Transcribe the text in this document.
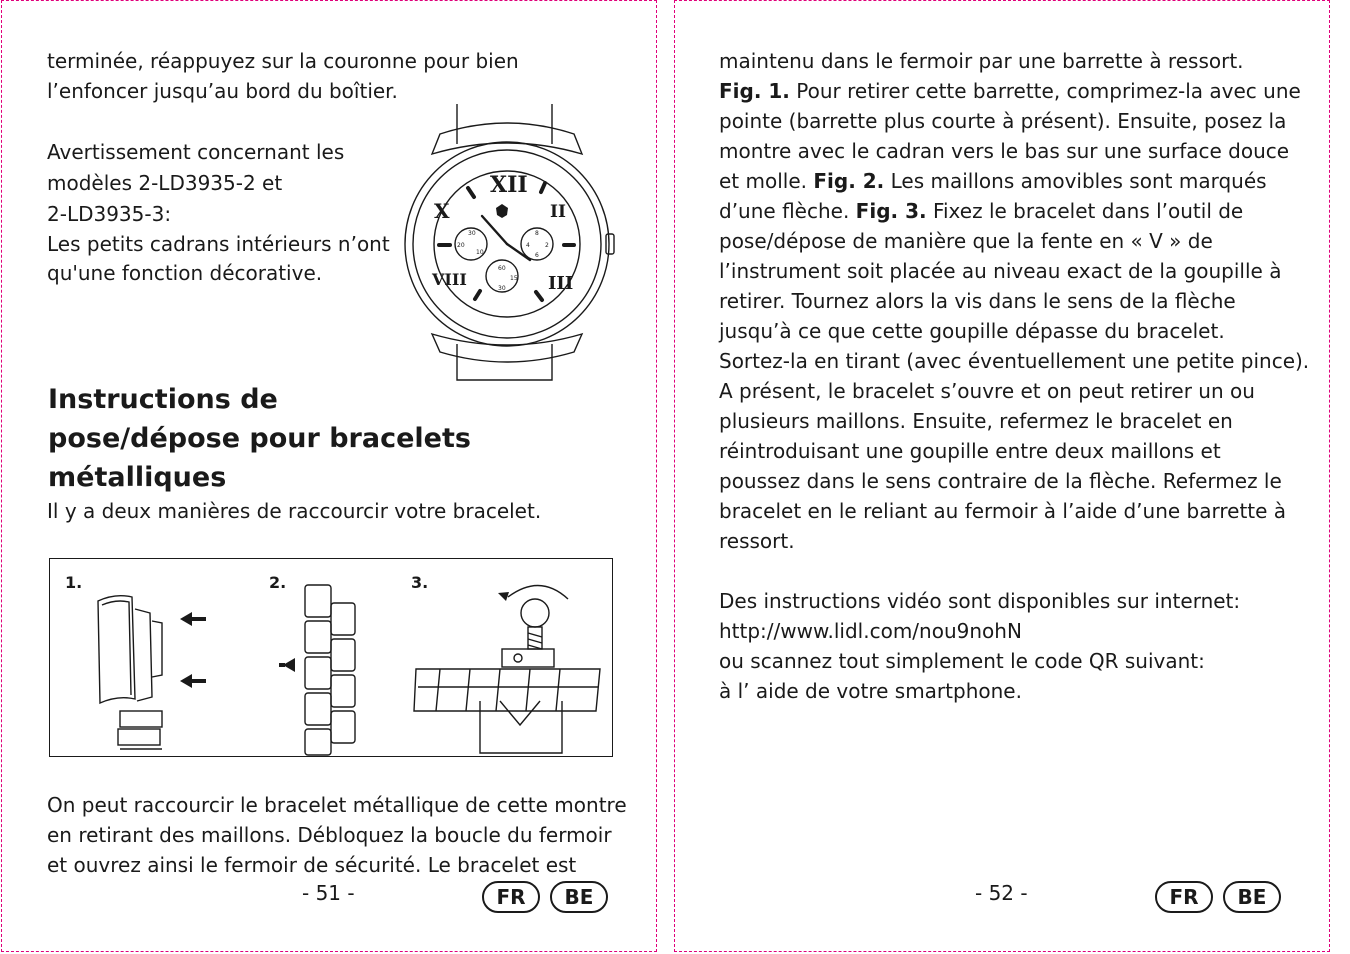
terminée, réappuyez sur la couronne pour bien
l’enfoncer jusqu’au bord du boîtier.

Avertissement concernant les
modèles 2-LD3935-2 et
2-LD3935-3:

Les petits cadrans intérieurs n’ont
qu'une fonction décorative.

XII
II
III
VIII
X
30
20
10
8
2
4
6
60
15
30
Instructions de
pose/dépose pour bracelets
métalliques

Il y a deux manières de raccourcir votre bracelet.

1.	2.	3.

On peut raccourcir le bracelet métallique de cette montre
en retirant des maillons. Débloquez la boucle du fermoir
et ouvrez ainsi le fermoir de sécurité. Le bracelet est

- 51 -	FR	BE
maintenu dans le fermoir par une barrette à ressort.
Fig. 1. Pour retirer cette barrette, comprimez-la avec une
pointe (barrette plus courte à présent). Ensuite, posez la
montre avec le cadran vers le bas sur une surface douce
et molle. Fig. 2. Les maillons amovibles sont marqués
d’une flèche. Fig. 3. Fixez le bracelet dans l’outil de
pose/dépose de manière que la fente en « V » de
l’instrument soit placée au niveau exact de la goupille à
retirer. Tournez alors la vis dans le sens de la flèche
jusqu’à ce que cette goupille dépasse du bracelet.
Sortez-la en tirant (avec éventuellement une petite pince).
A présent, le bracelet s’ouvre et on peut retirer un ou
plusieurs maillons. Ensuite, refermez le bracelet en
réintroduisant une goupille entre deux maillons et
poussez dans le sens contraire de la flèche. Refermez le
bracelet en le reliant au fermoir à l’aide d’une barrette à
ressort.

Des instructions vidéo sont disponibles sur internet:
http://www.lidl.com/nou9nohN
ou scannez tout simplement le code QR suivant:
à l’ aide de votre smartphone.
- 52 -	FR	BE
